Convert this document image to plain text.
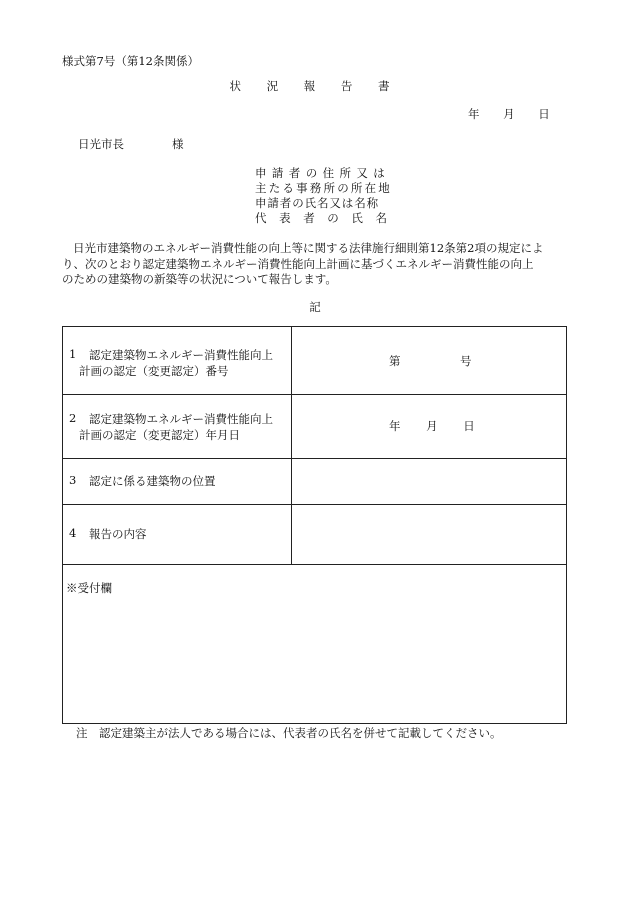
様式第7号（第12条関係）
状 況 報 告 書
年 月 日
日光市長	様
申請者の住所又は
主たる事務所の所在地
申請者の氏名又は名称
代表者の氏名
日光市建築物のエネルギー消費性能の向上等に関する法律施行細則第12条第2項の規定によ
り、次のとおり認定建築物エネルギー消費性能向上計画に基づくエネルギー消費性能の向上
のための建築物の新築等の状況について報告します。
記
1 認定建築物エネルギー消費性能向上
計画の認定（変更認定）番号
第	号
2 認定建築物エネルギー消費性能向上
計画の認定（変更認定）年月日
年 月 日
3 認定に係る建築物の位置
4 報告の内容
※受付欄
注　認定建築主が法人である場合には、代表者の氏名を併せて記載してください。
